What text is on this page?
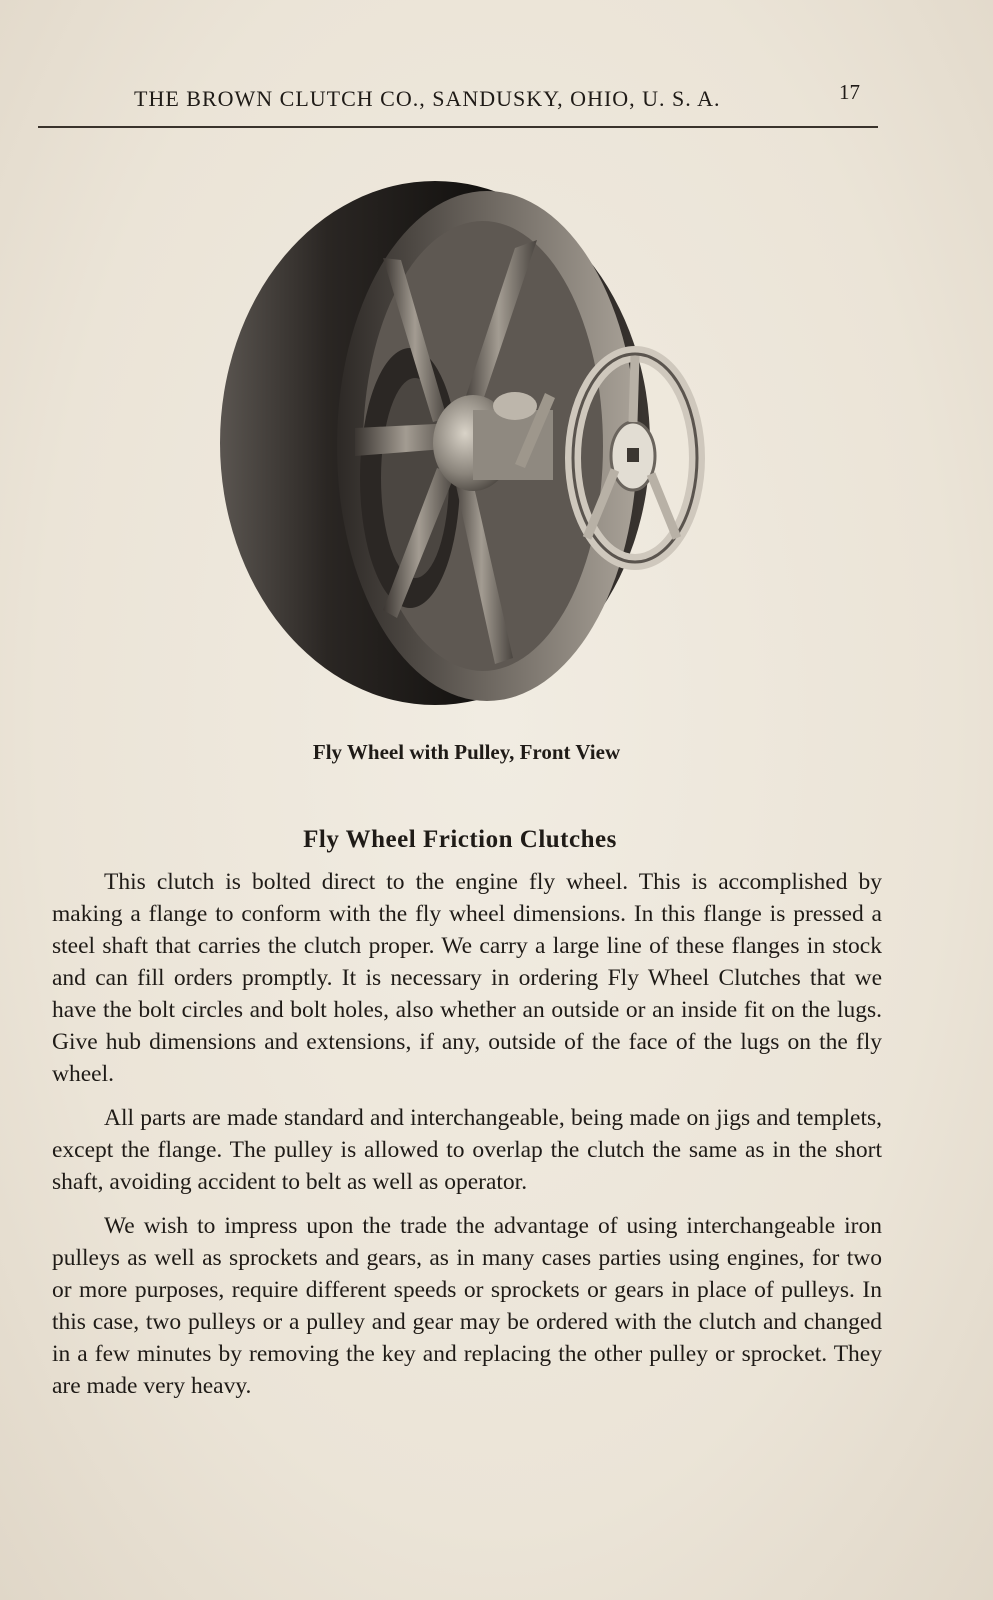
THE BROWN CLUTCH CO., SANDUSKY, OHIO, U. S. A.	17
Fly Wheel with Pulley, Front View
Fly Wheel Friction Clutches

This clutch is bolted direct to the engine fly wheel. This is accomplished by making a flange to conform with the fly wheel dimensions. In this flange is pressed a steel shaft that carries the clutch proper. We carry a large line of these flanges in stock and can fill orders promptly. It is necessary in ordering Fly Wheel Clutches that we have the bolt circles and bolt holes, also whether an outside or an inside fit on the lugs. Give hub dimensions and extensions, if any, outside of the face of the lugs on the fly wheel.

All parts are made standard and interchangeable, being made on jigs and templets, except the flange. The pulley is allowed to overlap the clutch the same as in the short shaft, avoiding accident to belt as well as operator.

We wish to impress upon the trade the advantage of using interchangeable iron pulleys as well as sprockets and gears, as in many cases parties using engines, for two or more purposes, require different speeds or sprockets or gears in place of pulleys. In this case, two pulleys or a pulley and gear may be ordered with the clutch and changed in a few minutes by removing the key and replacing the other pulley or sprocket. They are made very heavy.
